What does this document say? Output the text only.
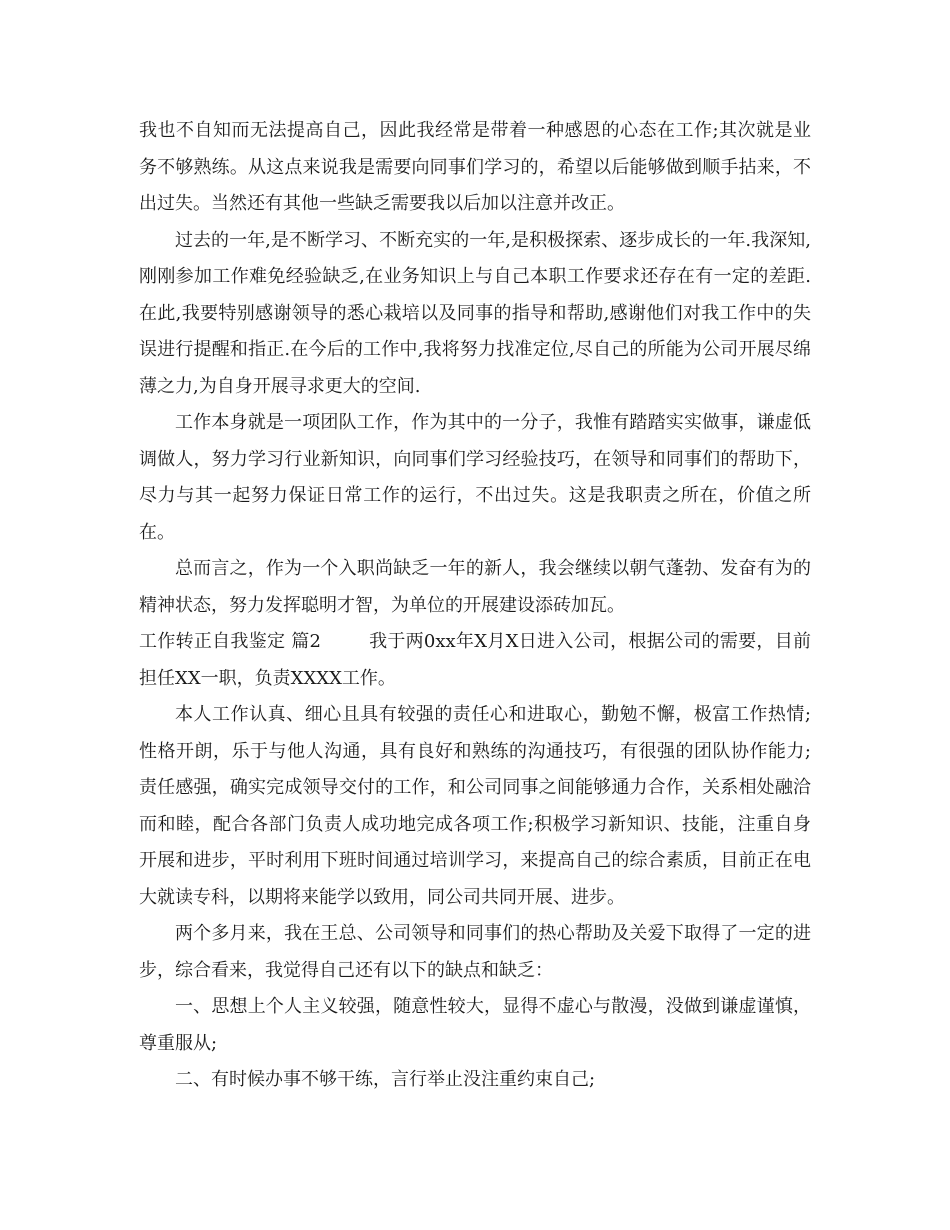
我也不自知而无法提高自己，因此我经常是带着一种感恩的心态在工作;其次就是业务不够熟练。从这点来说我是需要向同事们学习的，希望以后能够做到顺手拈来，不出过失。当然还有其他一些缺乏需要我以后加以注意并改正。

过去的一年,是不断学习、不断充实的一年,是积极探索、逐步成长的一年.我深知,刚刚参加工作难免经验缺乏,在业务知识上与自己本职工作要求还存在有一定的差距.在此,我要特别感谢领导的悉心栽培以及同事的指导和帮助,感谢他们对我工作中的失误进行提醒和指正.在今后的工作中,我将努力找准定位,尽自己的所能为公司开展尽绵薄之力,为自身开展寻求更大的空间.

工作本身就是一项团队工作，作为其中的一分子，我惟有踏踏实实做事，谦虚低调做人，努力学习行业新知识，向同事们学习经验技巧，在领导和同事们的帮助下，尽力与其一起努力保证日常工作的运行，不出过失。这是我职责之所在，价值之所在。

总而言之，作为一个入职尚缺乏一年的新人，我会继续以朝气蓬勃、发奋有为的精神状态，努力发挥聪明才智，为单位的开展建设添砖加瓦。

工作转正自我鉴定 篇2	我于两0xx年X月X日进入公司，根据公司的需要，目前担任XX一职，负责XXXX工作。

本人工作认真、细心且具有较强的责任心和进取心，勤勉不懈，极富工作热情;性格开朗，乐于与他人沟通，具有良好和熟练的沟通技巧，有很强的团队协作能力;责任感强，确实完成领导交付的工作，和公司同事之间能够通力合作，关系相处融洽而和睦，配合各部门负责人成功地完成各项工作;积极学习新知识、技能，注重自身开展和进步，平时利用下班时间通过培训学习，来提高自己的综合素质，目前正在电大就读专科，以期将来能学以致用，同公司共同开展、进步。

两个多月来，我在王总、公司领导和同事们的热心帮助及关爱下取得了一定的进步，综合看来，我觉得自己还有以下的缺点和缺乏：

一、思想上个人主义较强，随意性较大，显得不虚心与散漫，没做到谦虚谨慎，尊重服从;

二、有时候办事不够干练，言行举止没注重约束自己;
